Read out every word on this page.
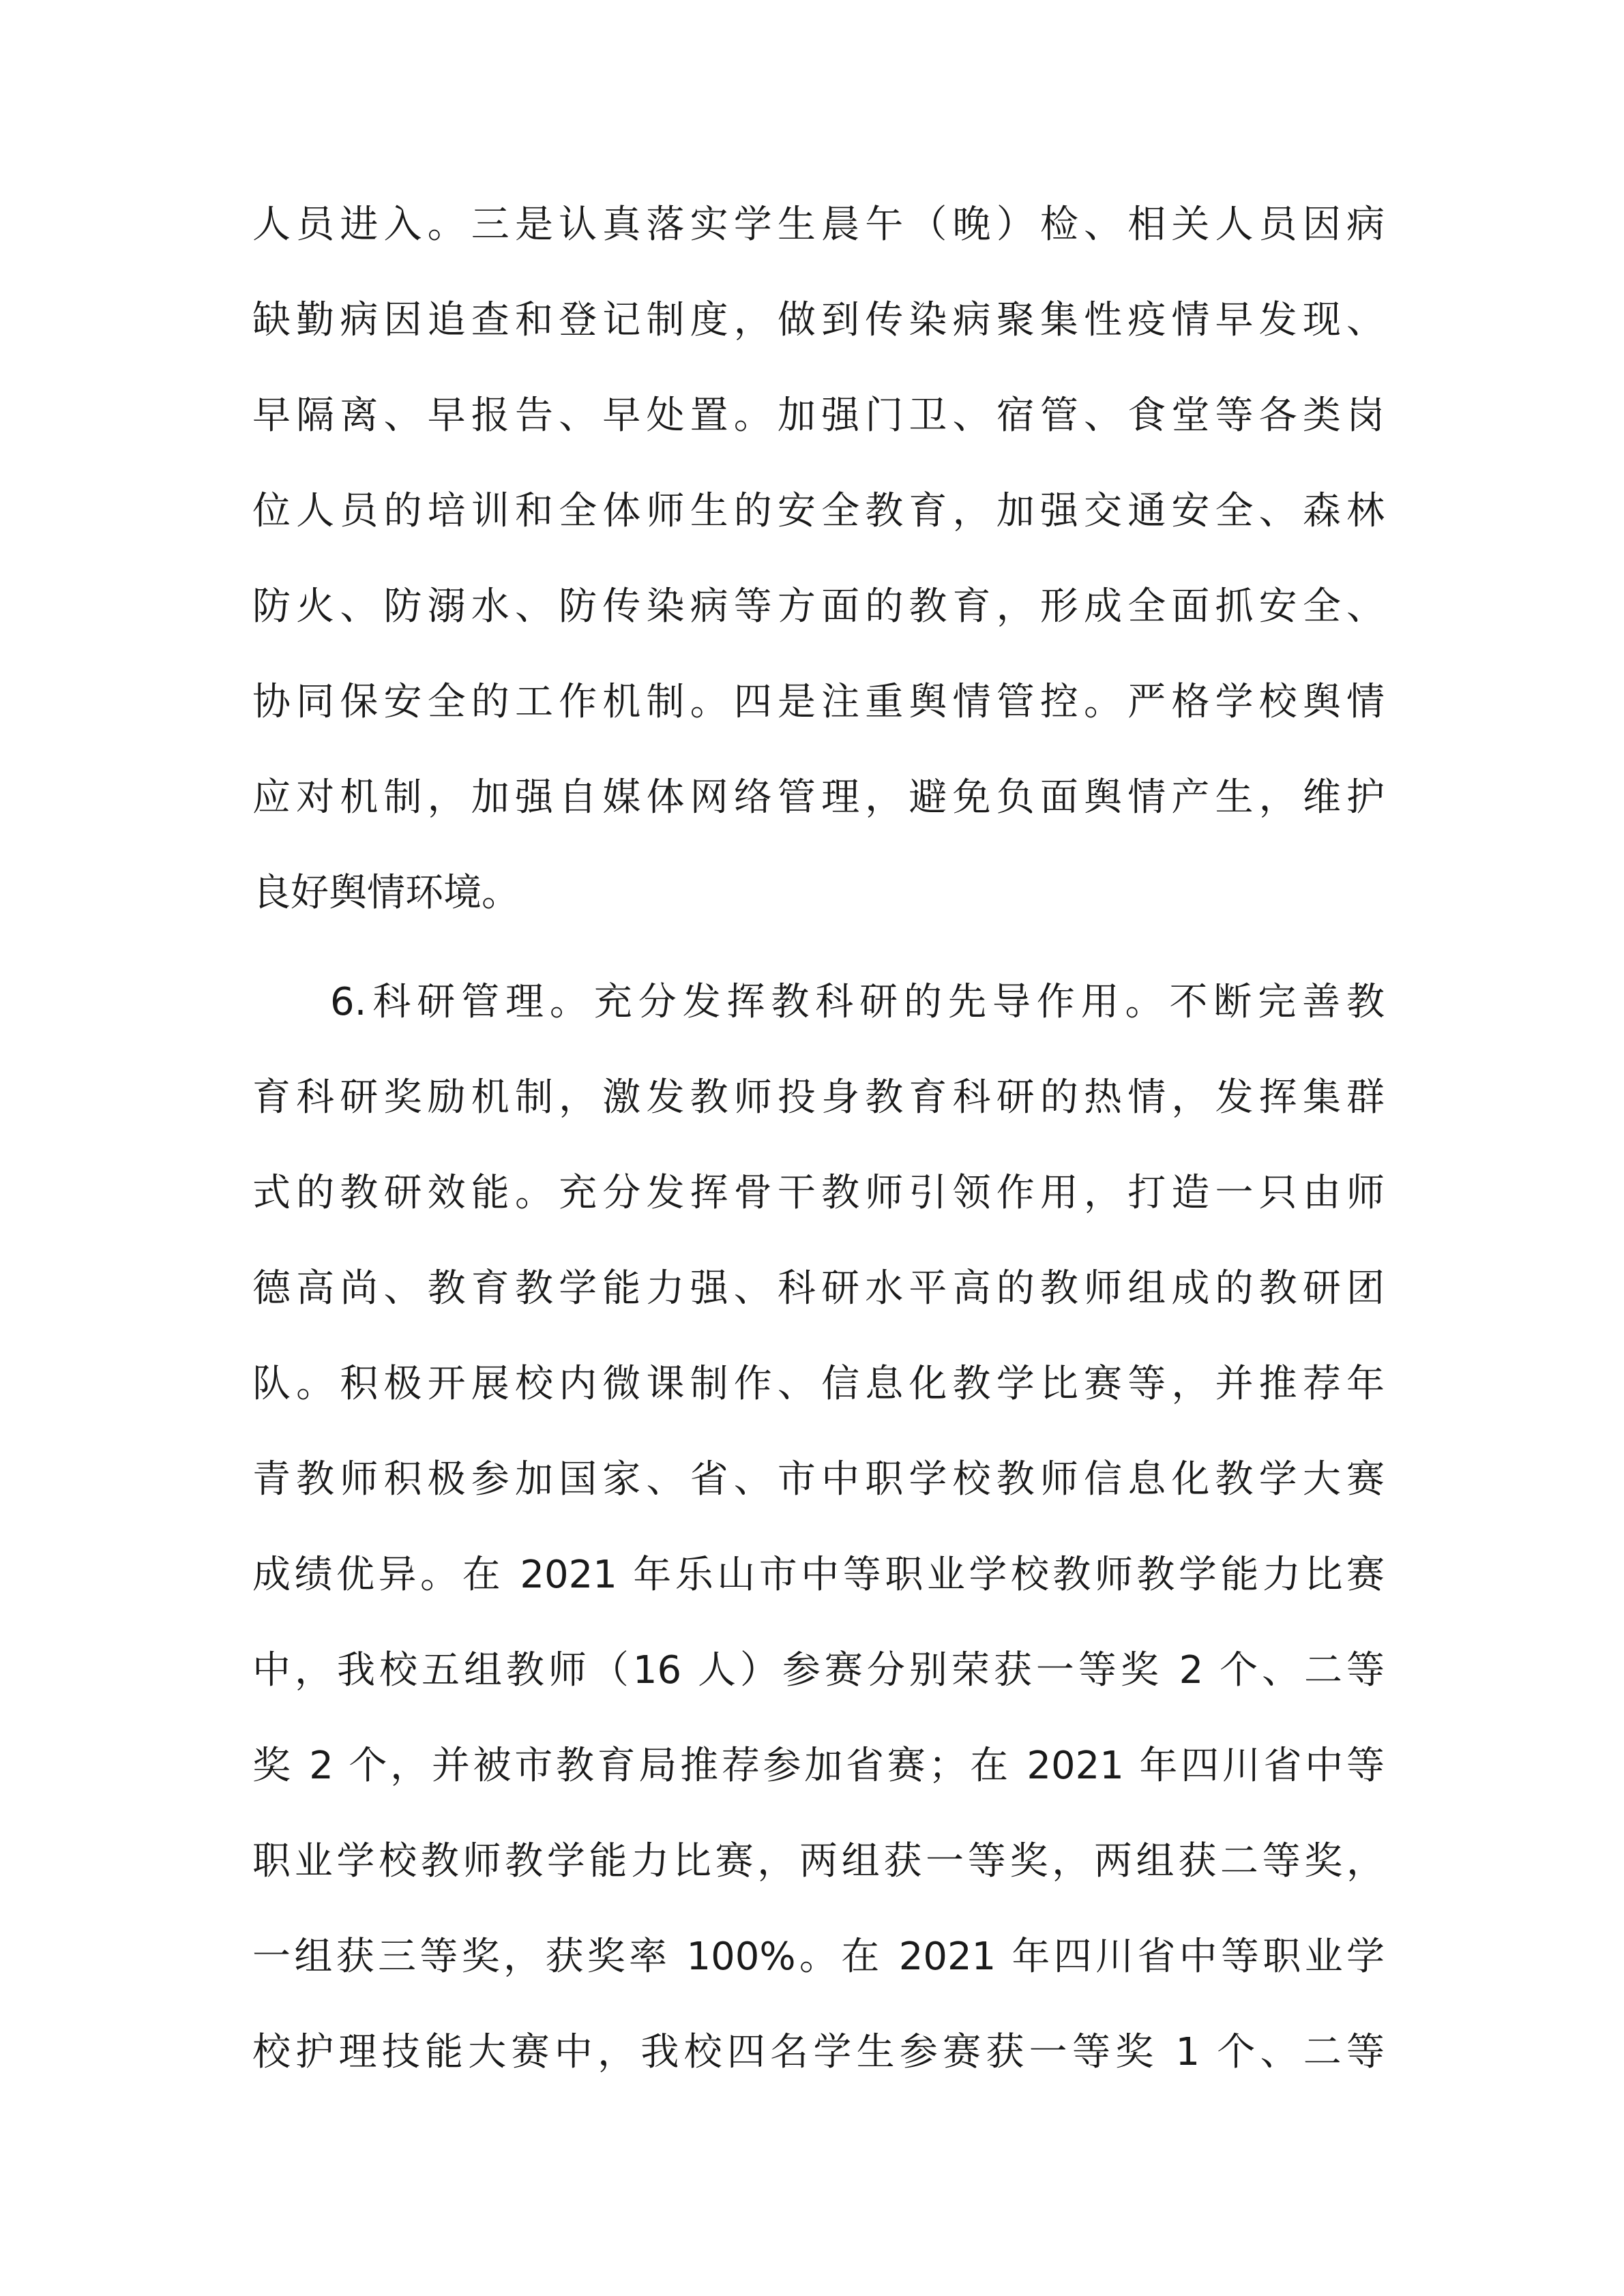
人员进入。三是认真落实学生晨午（晚）检、相关人员因病

缺勤病因追查和登记制度，做到传染病聚集性疫情早发现、

早隔离、早报告、早处置。加强门卫、宿管、食堂等各类岗

位人员的培训和全体师生的安全教育，加强交通安全、森林

防火、防溺水、防传染病等方面的教育，形成全面抓安全、

协同保安全的工作机制。四是注重舆情管控。严格学校舆情

应对机制，加强自媒体网络管理，避免负面舆情产生，维护

良好舆情环境。

6.科研管理。充分发挥教科研的先导作用。不断完善教

育科研奖励机制，激发教师投身教育科研的热情，发挥集群

式的教研效能。充分发挥骨干教师引领作用，打造一只由师

德高尚、教育教学能力强、科研水平高的教师组成的教研团

队。积极开展校内微课制作、信息化教学比赛等，并推荐年

青教师积极参加国家、省、市中职学校教师信息化教学大赛

成绩优异。在 2021 年乐山市中等职业学校教师教学能力比赛

中，我校五组教师（16 人）参赛分别荣获一等奖 2 个、二等

奖 2 个，并被市教育局推荐参加省赛；在 2021 年四川省中等

职业学校教师教学能力比赛，两组获一等奖，两组获二等奖，

一组获三等奖，获奖率 100%。在 2021 年四川省中等职业学

校护理技能大赛中，我校四名学生参赛获一等奖 1 个、二等
